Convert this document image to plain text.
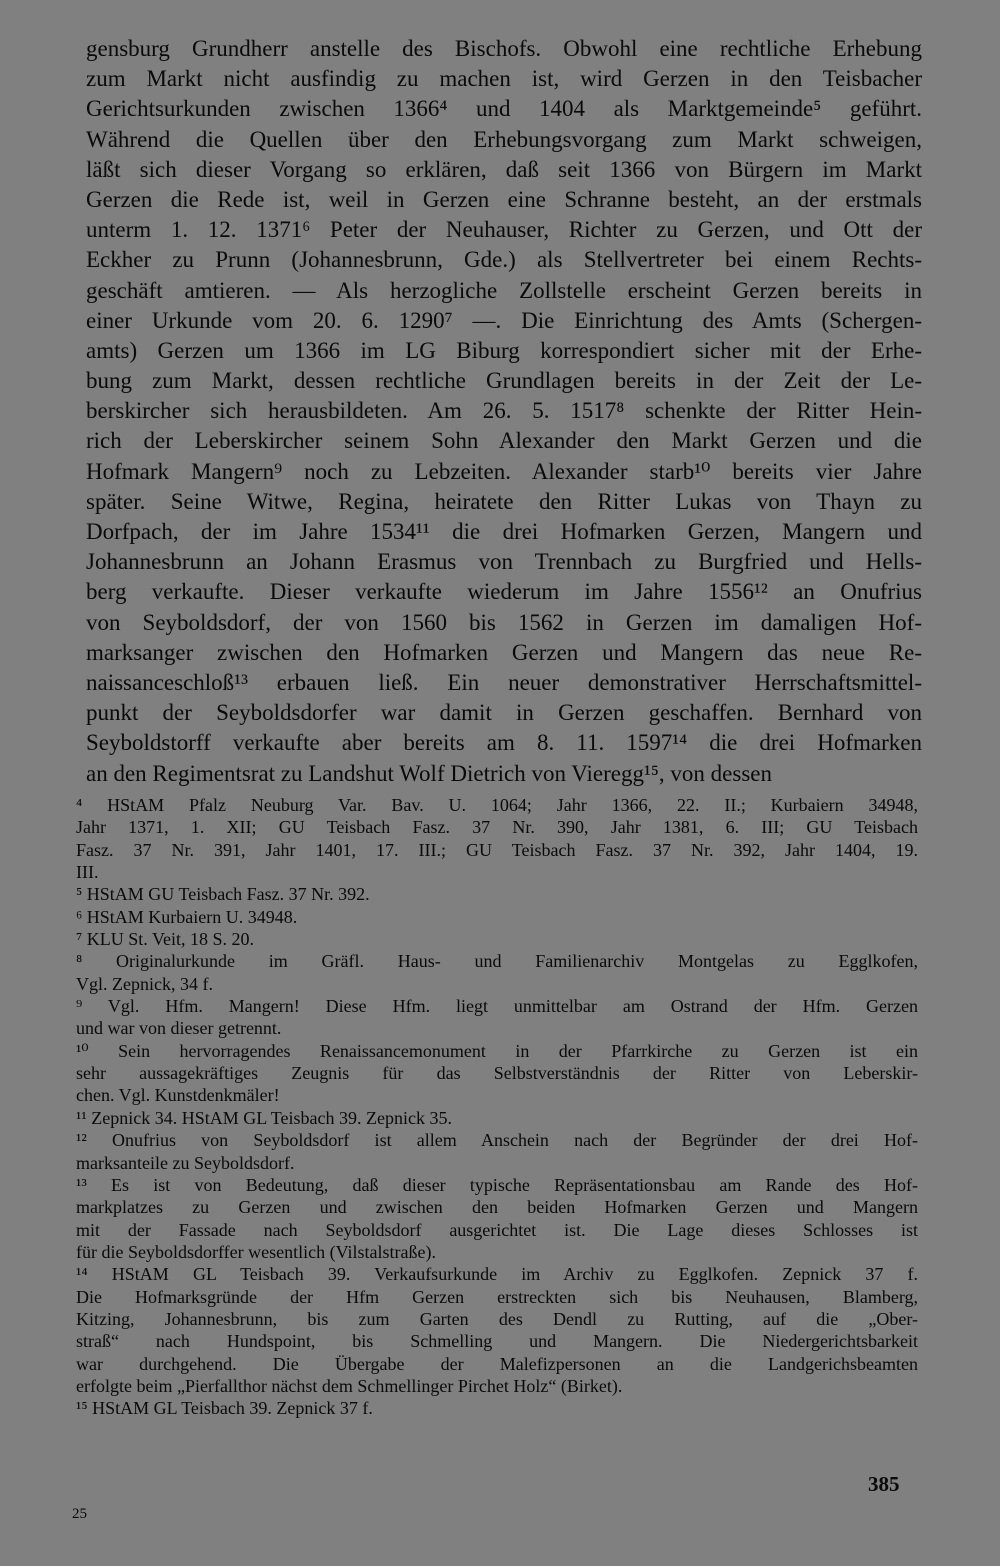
gensburg Grundherr anstelle des Bischofs. Obwohl eine rechtliche Erhebung
zum Markt nicht ausfindig zu machen ist, wird Gerzen in den Teisbacher
Gerichtsurkunden zwischen 1366⁴ und 1404 als Marktgemeinde⁵ geführt.
Während die Quellen über den Erhebungsvorgang zum Markt schweigen,
läßt sich dieser Vorgang so erklären, daß seit 1366 von Bürgern im Markt
Gerzen die Rede ist, weil in Gerzen eine Schranne besteht, an der erstmals
unterm 1. 12. 1371⁶ Peter der Neuhauser, Richter zu Gerzen, und Ott der
Eckher zu Prunn (Johannesbrunn, Gde.) als Stellvertreter bei einem Rechts-
geschäft amtieren. — Als herzogliche Zollstelle erscheint Gerzen bereits in
einer Urkunde vom 20. 6. 1290⁷ —. Die Einrichtung des Amts (Schergen-
amts) Gerzen um 1366 im LG Biburg korrespondiert sicher mit der Erhe-
bung zum Markt, dessen rechtliche Grundlagen bereits in der Zeit der Le-
berskircher sich herausbildeten. Am 26. 5. 1517⁸ schenkte der Ritter Hein-
rich der Leberskircher seinem Sohn Alexander den Markt Gerzen und die
Hofmark Mangern⁹ noch zu Lebzeiten. Alexander starb¹⁰ bereits vier Jahre
später. Seine Witwe, Regina, heiratete den Ritter Lukas von Thayn zu
Dorfpach, der im Jahre 1534¹¹ die drei Hofmarken Gerzen, Mangern und
Johannesbrunn an Johann Erasmus von Trennbach zu Burgfried und Hells-
berg verkaufte. Dieser verkaufte wiederum im Jahre 1556¹² an Onufrius
von Seyboldsdorf, der von 1560 bis 1562 in Gerzen im damaligen Hof-
marksanger zwischen den Hofmarken Gerzen und Mangern das neue Re-
naissanceschloß¹³ erbauen ließ. Ein neuer demonstrativer Herrschaftsmittel-
punkt der Seyboldsdorfer war damit in Gerzen geschaffen. Bernhard von
Seyboldstorff verkaufte aber bereits am 8. 11. 1597¹⁴ die drei Hofmarken
an den Regimentsrat zu Landshut Wolf Dietrich von Vieregg¹⁵, von dessen
⁴ HStAM Pfalz Neuburg Var. Bav. U. 1064; Jahr 1366, 22. II.; Kurbaiern 34948,
Jahr 1371, 1. XII; GU Teisbach Fasz. 37 Nr. 390, Jahr 1381, 6. III; GU Teisbach
Fasz. 37 Nr. 391, Jahr 1401, 17. III.; GU Teisbach Fasz. 37 Nr. 392, Jahr 1404, 19.
III.
⁵ HStAM GU Teisbach Fasz. 37 Nr. 392.
⁶ HStAM Kurbaiern U. 34948.
⁷ KLU St. Veit, 18 S. 20.
⁸ Originalurkunde im Gräfl. Haus- und Familienarchiv Montgelas zu Egglkofen,
Vgl. Zepnick, 34 f.
⁹ Vgl. Hfm. Mangern! Diese Hfm. liegt unmittelbar am Ostrand der Hfm. Gerzen
und war von dieser getrennt.
¹⁰ Sein hervorragendes Renaissancemonument in der Pfarrkirche zu Gerzen ist ein
sehr aussagekräftiges Zeugnis für das Selbstverständnis der Ritter von Leberskir-
chen. Vgl. Kunstdenkmäler!
¹¹ Zepnick 34. HStAM GL Teisbach 39. Zepnick 35.
¹² Onufrius von Seyboldsdorf ist allem Anschein nach der Begründer der drei Hof-
marksanteile zu Seyboldsdorf.
¹³ Es ist von Bedeutung, daß dieser typische Repräsentationsbau am Rande des Hof-
markplatzes zu Gerzen und zwischen den beiden Hofmarken Gerzen und Mangern
mit der Fassade nach Seyboldsdorf ausgerichtet ist. Die Lage dieses Schlosses ist
für die Seyboldsdorffer wesentlich (Vilstalstraße).
¹⁴ HStAM GL Teisbach 39. Verkaufsurkunde im Archiv zu Egglkofen. Zepnick 37 f.
Die Hofmarksgründe der Hfm Gerzen erstreckten sich bis Neuhausen, Blamberg,
Kitzing, Johannesbrunn, bis zum Garten des Dendl zu Rutting, auf die „Ober-
straß“ nach Hundspoint, bis Schmelling und Mangern. Die Niedergerichtsbarkeit
war durchgehend. Die Übergabe der Malefizpersonen an die Landgerichsbeamten
erfolgte beim „Pierfallthor nächst dem Schmellinger Pirchet Holz“ (Birket).
¹⁵ HStAM GL Teisbach 39. Zepnick 37 f.
385
25
